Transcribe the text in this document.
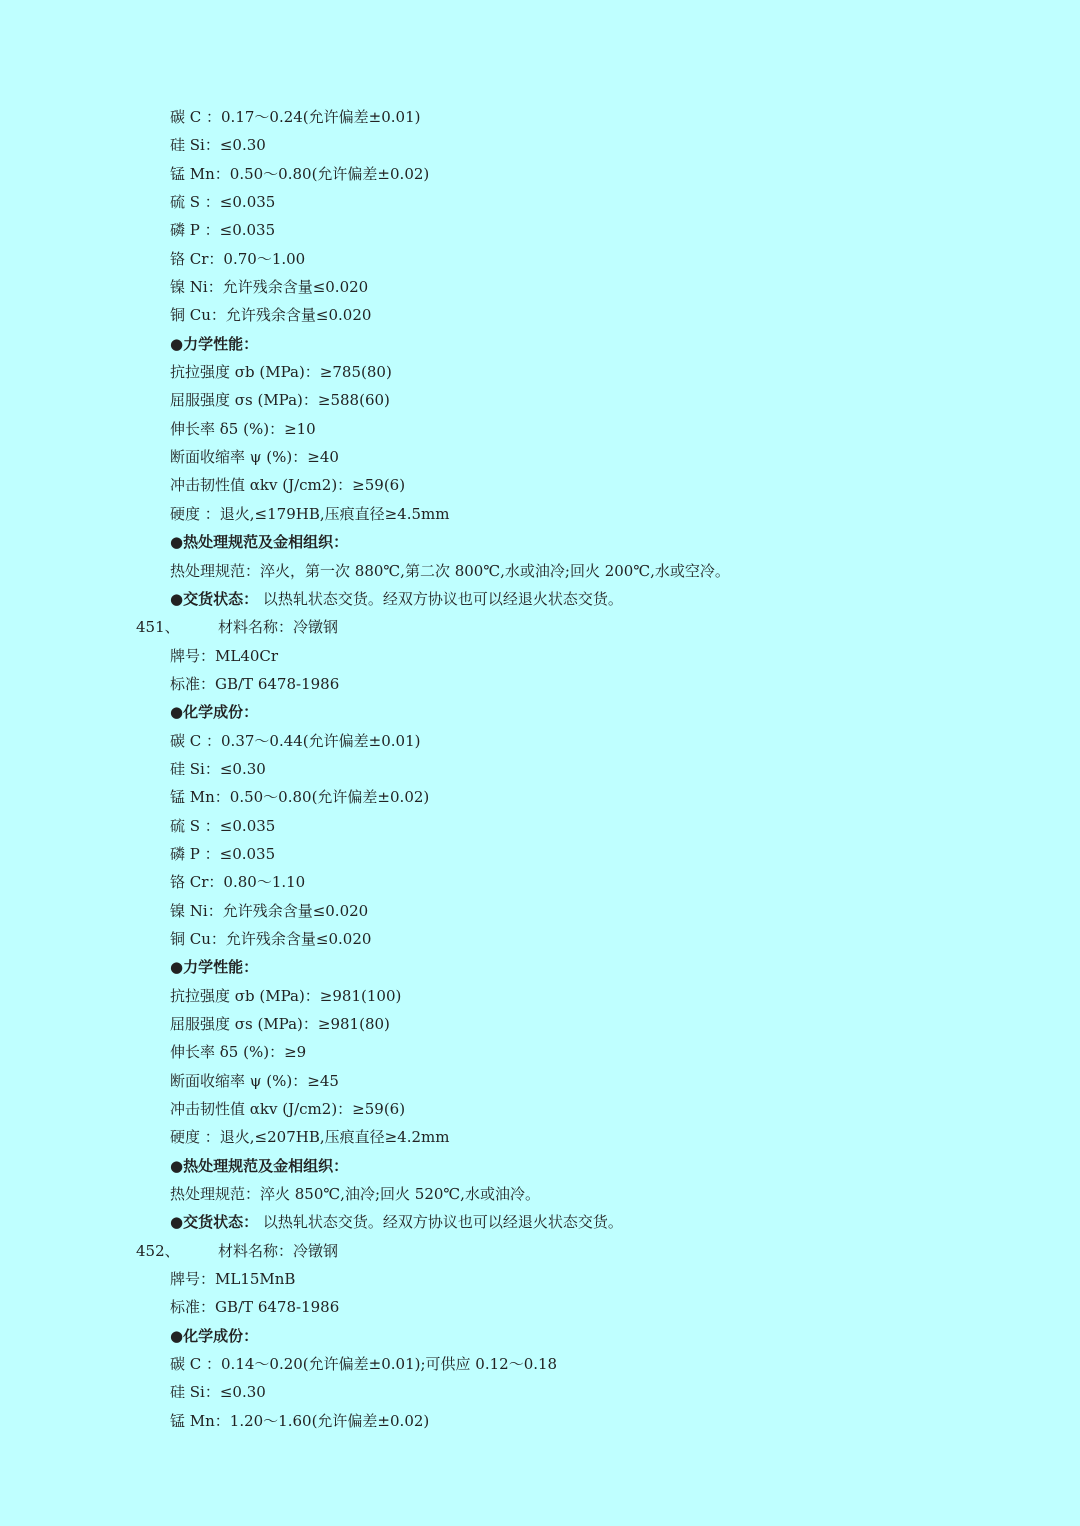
碳 C ：0.17～0.24(允许偏差±0.01)
硅 Si：≤0.30
锰 Mn：0.50～0.80(允许偏差±0.02)
硫 S ：≤0.035
磷 P ：≤0.035
铬 Cr：0.70～1.00
镍 Ni：允许残余含量≤0.020
铜 Cu：允许残余含量≤0.020
●力学性能：
抗拉强度 σb (MPa)：≥785(80)
屈服强度 σs (MPa)：≥588(60)
伸长率 δ5 (%)：≥10
断面收缩率 ψ (%)：≥40
冲击韧性值 αkv (J/cm2)：≥59(6)
硬度 ：退火,≤179HB,压痕直径≥4.5mm
●热处理规范及金相组织：
热处理规范：淬火，第一次 880℃,第二次 800℃,水或油冷;回火 200℃,水或空冷。
●交货状态： 以热轧状态交货。经双方协议也可以经退火状态交货。
451、	材料名称：冷镦钢
牌号：ML40Cr
标准：GB/T 6478-1986
●化学成份：
碳 C ：0.37～0.44(允许偏差±0.01)
硅 Si：≤0.30
锰 Mn：0.50～0.80(允许偏差±0.02)
硫 S ：≤0.035
磷 P ：≤0.035
铬 Cr：0.80～1.10
镍 Ni：允许残余含量≤0.020
铜 Cu：允许残余含量≤0.020
●力学性能：
抗拉强度 σb (MPa)：≥981(100)
屈服强度 σs (MPa)：≥981(80)
伸长率 δ5 (%)：≥9
断面收缩率 ψ (%)：≥45
冲击韧性值 αkv (J/cm2)：≥59(6)
硬度 ：退火,≤207HB,压痕直径≥4.2mm
●热处理规范及金相组织：
热处理规范：淬火 850℃,油冷;回火 520℃,水或油冷。
●交货状态： 以热轧状态交货。经双方协议也可以经退火状态交货。
452、	材料名称：冷镦钢
牌号：ML15MnB
标准：GB/T 6478-1986
●化学成份：
碳 C ：0.14～0.20(允许偏差±0.01);可供应 0.12～0.18
硅 Si：≤0.30
锰 Mn：1.20～1.60(允许偏差±0.02)
